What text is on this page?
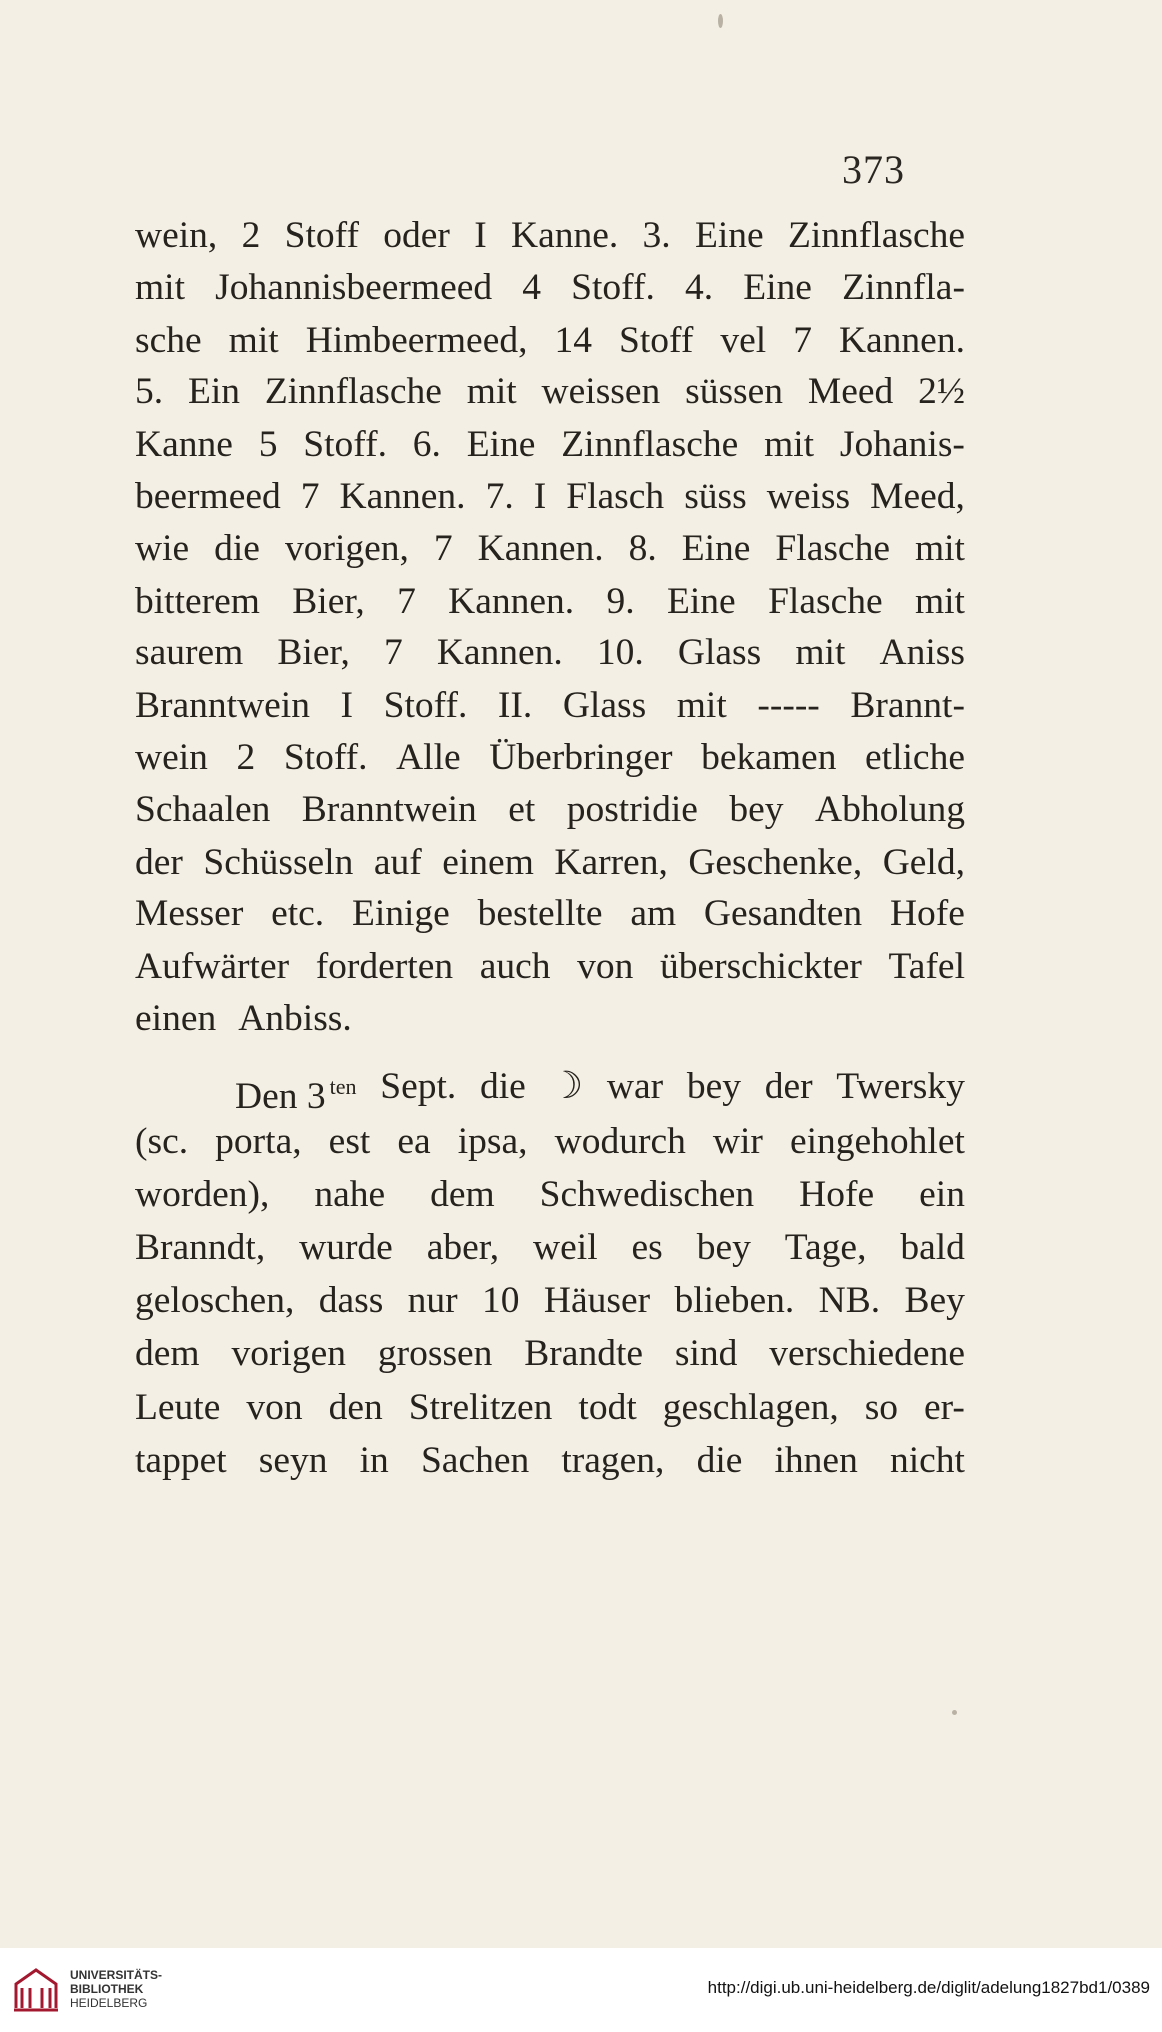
373
wein, 2 Stoff oder I Kanne. 3. Eine Zinnflasche
mit Johannisbeermeed 4 Stoff. 4. Eine Zinnfla-
sche mit Himbeermeed, 14 Stoff vel 7 Kannen.
5. Ein Zinnflasche mit weissen süssen Meed 2½
Kanne 5 Stoff. 6. Eine Zinnflasche mit Johanis-
beermeed 7 Kannen. 7. I Flasch süss weiss Meed,
wie die vorigen, 7 Kannen. 8. Eine Flasche mit
bitterem Bier, 7 Kannen. 9. Eine Flasche mit
saurem Bier, 7 Kannen. 10. Glass mit Aniss
Branntwein I Stoff. II. Glass mit ----- Brannt-
wein 2 Stoff. Alle Überbringer bekamen etliche
Schaalen Branntwein et postridie bey Abholung
der Schüsseln auf einem Karren, Geschenke, Geld,
Messer etc. Einige bestellte am Gesandten Hofe
Aufwärter forderten auch von überschickter Tafel
einen Anbiss.
Den 3 $^{ten}$ Sept. die ☽ war bey der Twersky
(sc. porta, est ea ipsa, wodurch wir eingehohlet
worden), nahe dem Schwedischen Hofe ein
Branndt, wurde aber, weil es bey Tage, bald
geloschen, dass nur 10 Häuser blieben. NB. Bey
dem vorigen grossen Brandte sind verschiedene
Leute von den Strelitzen todt geschlagen, so er-
tappet seyn in Sachen tragen, die ihnen nicht
UNIVERSITÄTS-
BIBLIOTHEK
HEIDELBERG
http://digi.ub.uni-heidelberg.de/diglit/adelung1827bd1/0389
